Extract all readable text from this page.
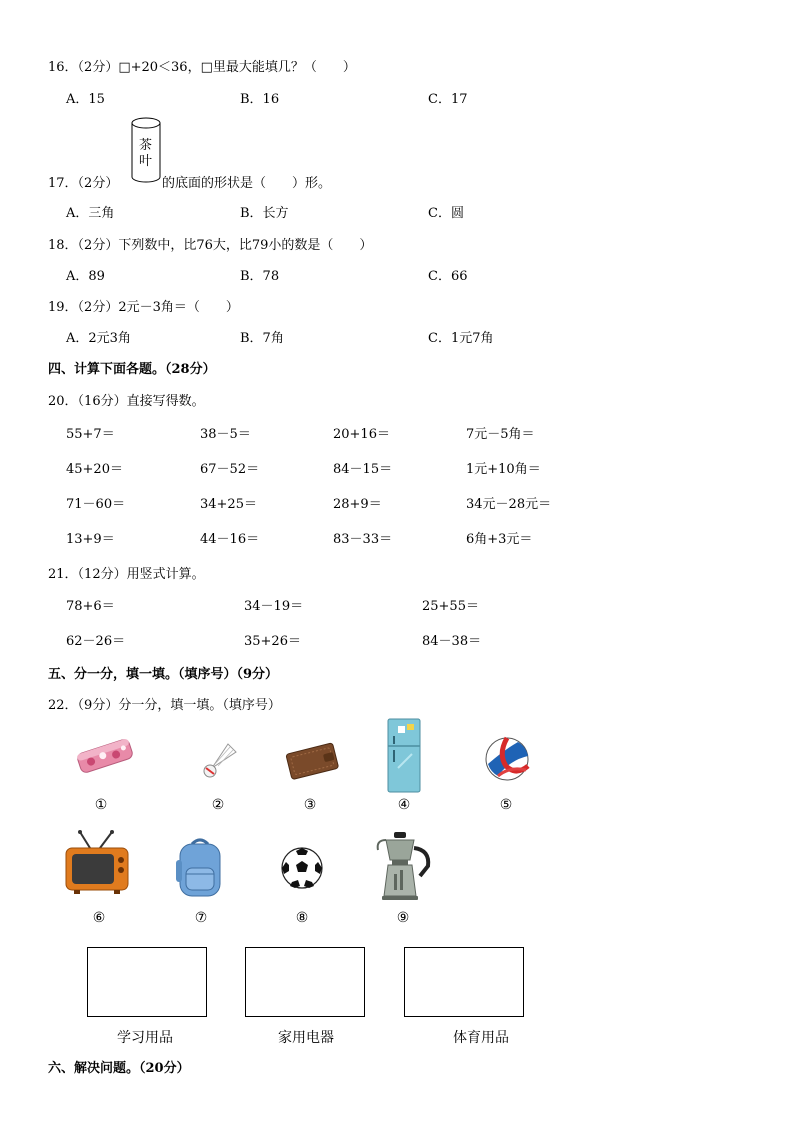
16．（2分）□+20＜36，□里最大能填几？（　　）
A．15	B．16	C．17
茶叶
17．（2分）	的底面的形状是（　　）形。
A．三角	B．长方	C．圆
18．（2分）下列数中，比76大，比79小的数是（　　）
A．89	B．78	C．66
19．（2分）2元－3角＝（　　）
A．2元3角	B．7角	C．1元7角
四、计算下面各题。（28分）
20．（16分）直接写得数。
55+7＝	38－5＝	20+16＝	7元－5角＝
45+20＝	67－52＝	84－15＝	1元+10角＝
71－60＝	34+25＝	28+9＝	34元－28元＝
13+9＝	44－16＝	83－33＝	6角+3元＝
21．（12分）用竖式计算。
78+6＝	34－19＝	25+55＝
62－26＝	35+26＝	84－38＝
五、分一分，填一填。（填序号）（9分）
22．（9分）分一分，填一填。（填序号）
①	②	③	④	⑤
⑥	⑦	⑧	⑨
学习用品	家用电器	体育用品
六、解决问题。（20分）
